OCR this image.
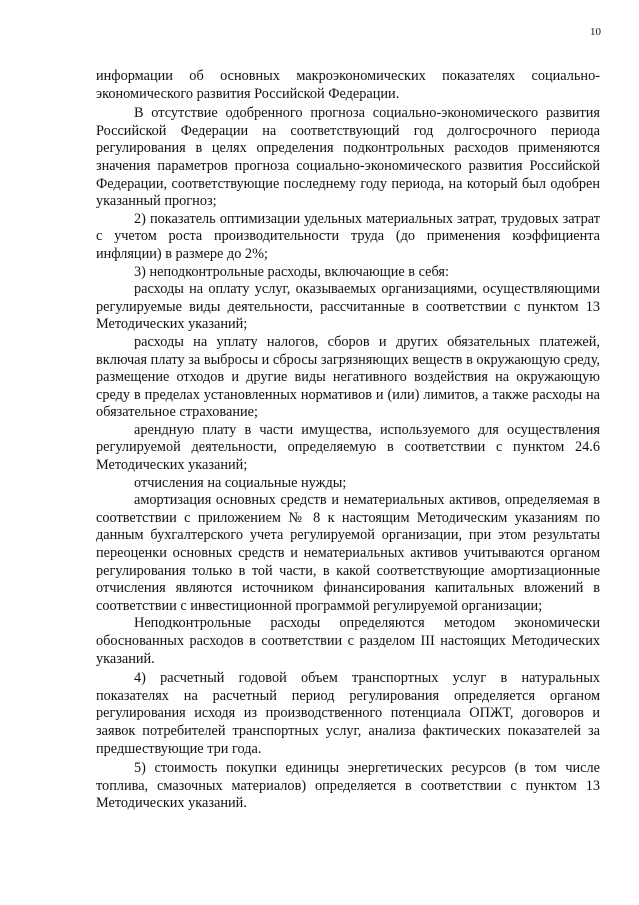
10

информации об основных макроэкономических показателях социально-экономического развития Российской Федерации.

В отсутствие одобренного прогноза социально-экономического развития Российской Федерации на соответствующий год долгосрочного периода регулирования в целях определения подконтрольных расходов применяются значения параметров прогноза социально-экономического развития Российской Федерации, соответствующие последнему году периода, на который был одобрен указанный прогноз;

2) показатель оптимизации удельных материальных затрат, трудовых затрат с учетом роста производительности труда (до применения коэффициента инфляции) в размере до 2%;

3) неподконтрольные расходы, включающие в себя:

расходы на оплату услуг, оказываемых организациями, осуществляющими регулируемые виды деятельности, рассчитанные в соответствии с пунктом 13 Методических указаний;

расходы на уплату налогов, сборов и других обязательных платежей, включая плату за выбросы и сбросы загрязняющих веществ в окружающую среду, размещение отходов и другие виды негативного воздействия на окружающую среду в пределах установленных нормативов и (или) лимитов, а также расходы на обязательное страхование;

арендную плату в части имущества, используемого для осуществления регулируемой деятельности, определяемую в соответствии с пунктом 24.6 Методических указаний;

отчисления на социальные нужды;

амортизация основных средств и нематериальных активов, определяемая в соответствии с приложением № 8 к настоящим Методическим указаниям по данным бухгалтерского учета регулируемой организации, при этом результаты переоценки основных средств и нематериальных активов учитываются органом регулирования только в той части, в какой соответствующие амортизационные отчисления являются источником финансирования капитальных вложений в соответствии с инвестиционной программой регулируемой организации;

Неподконтрольные расходы определяются методом экономически обоснованных расходов в соответствии с разделом III настоящих Методических указаний.

4) расчетный годовой объем транспортных услуг в натуральных показателях на расчетный период регулирования определяется органом регулирования исходя из производственного потенциала ОПЖТ, договоров и заявок потребителей транспортных услуг, анализа фактических показателей за предшествующие три года.

5) стоимость покупки единицы энергетических ресурсов (в том числе топлива, смазочных материалов) определяется в соответствии с пунктом 13 Методических указаний.
